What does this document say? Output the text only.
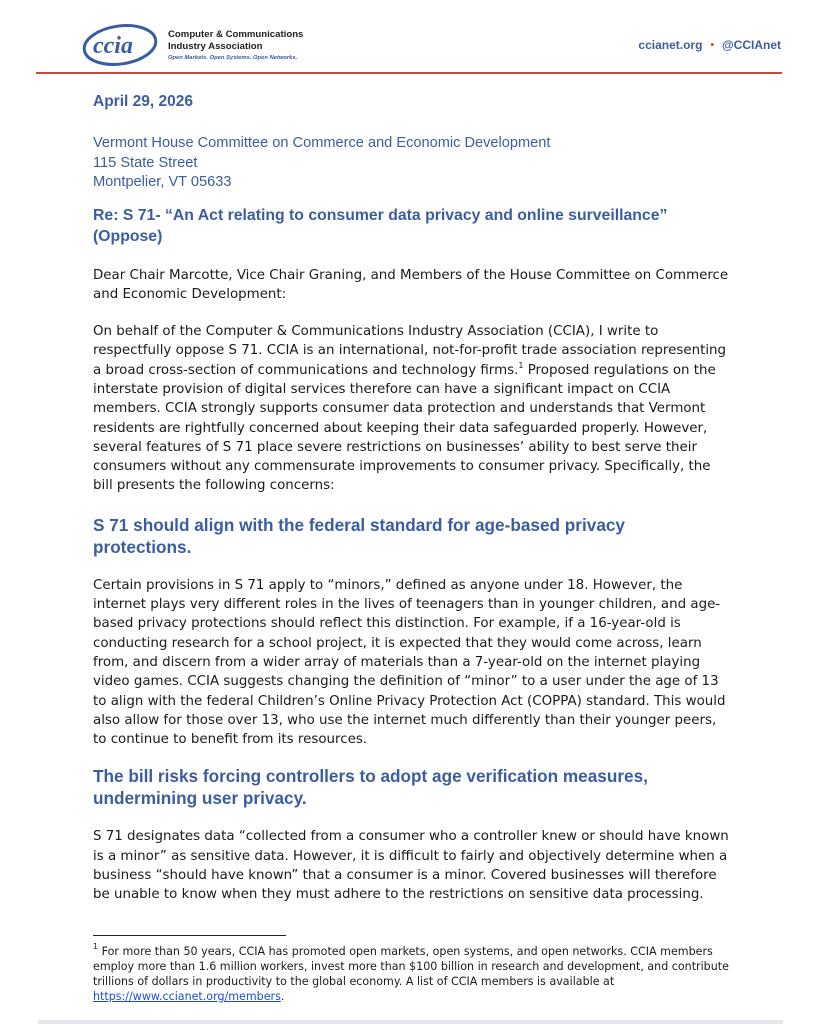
ccia	Computer & Communications
Industry Association
Open Markets. Open Systems. Open Networks.
ccianet.org • @CCIAnet
April 29, 2026
Vermont House Committee on Commerce and Economic Development
115 State Street
Montpelier, VT 05633
Re: S 71- “An Act relating to consumer data privacy and online surveillance”
(Oppose)

Dear Chair Marcotte, Vice Chair Graning, and Members of the House Committee on Commerce and Economic Development:

On behalf of the Computer & Communications Industry Association (CCIA), I write to respectfully oppose S 71. CCIA is an international, not-for-profit trade association representing a broad cross-section of communications and technology firms.$^1$ Proposed regulations on the interstate provision of digital services therefore can have a significant impact on CCIA members. CCIA strongly supports consumer data protection and understands that Vermont residents are rightfully concerned about keeping their data safeguarded properly. However, several features of S 71 place severe restrictions on businesses’ ability to best serve their consumers without any commensurate improvements to consumer privacy. Specifically, the bill presents the following concerns:

S 71 should align with the federal standard for age-based privacy
protections.

Certain provisions in S 71 apply to “minors,” defined as anyone under 18. However, the internet plays very different roles in the lives of teenagers than in younger children, and age-based privacy protections should reflect this distinction. For example, if a 16-year-old is conducting research for a school project, it is expected that they would come across, learn from, and discern from a wider array of materials than a 7-year-old on the internet playing video games. CCIA suggests changing the definition of “minor” to a user under the age of 13 to align with the federal Children’s Online Privacy Protection Act (COPPA) standard. This would also allow for those over 13, who use the internet much differently than their younger peers, to continue to benefit from its resources.

The bill risks forcing controllers to adopt age verification measures,
undermining user privacy.

S 71 designates data “collected from a consumer who a controller knew or should have known is a minor” as sensitive data. However, it is difficult to fairly and objectively determine when a business “should have known” that a consumer is a minor. Covered businesses will therefore be unable to know when they must adhere to the restrictions on sensitive data processing.

$^1$ For more than 50 years, CCIA has promoted open markets, open systems, and open networks. CCIA members employ more than 1.6 million workers, invest more than $100 billion in research and development, and contribute trillions of dollars in productivity to the global economy. A list of CCIA members is available at https://www.ccianet.org/members.
